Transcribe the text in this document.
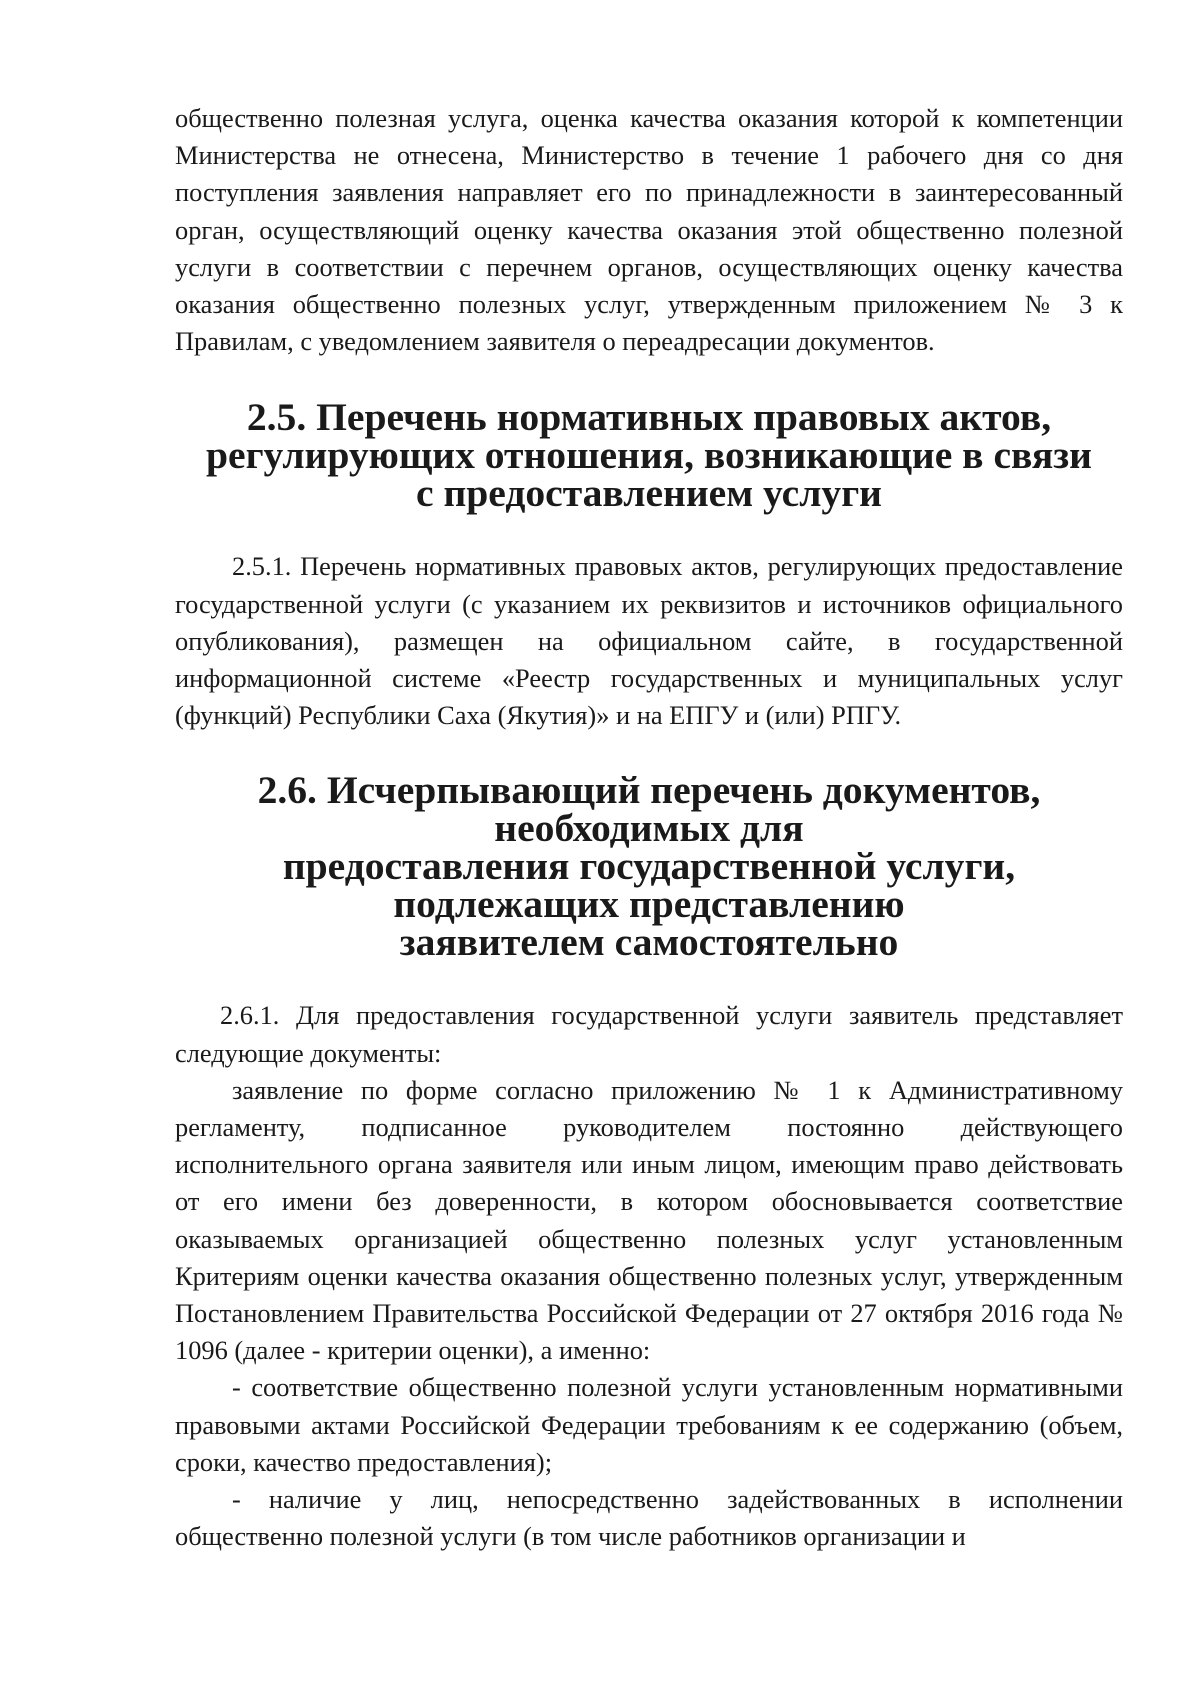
общественно полезная услуга, оценка качества оказания которой к компетенции Министерства не отнесена, Министерство в течение 1 рабочего дня со дня поступления заявления направляет его по принадлежности в заинтересованный орган, осуществляющий оценку качества оказания этой общественно полезной услуги в соответствии с перечнем органов, осуществляющих оценку качества оказания общественно полезных услуг, утвержденным приложением № 3 к Правилам, с уведомлением заявителя о переадресации документов.

2.5. Перечень нормативных правовых актов,
регулирующих отношения, возникающие в связи
с предоставлением услуги

2.5.1. Перечень нормативных правовых актов, регулирующих предоставление государственной услуги (с указанием их реквизитов и источников официального опубликования), размещен на официальном сайте, в государственной информационной системе «Реестр государственных и муниципальных услуг (функций) Республики Саха (Якутия)» и на ЕПГУ и (или) РПГУ.

2.6. Исчерпывающий перечень документов, необходимых для
предоставления государственной услуги, подлежащих представлению
заявителем самостоятельно

2.6.1. Для предоставления государственной услуги заявитель представляет следующие документы:

заявление по форме согласно приложению № 1 к Административному регламенту, подписанное руководителем постоянно действующего исполнительного органа заявителя или иным лицом, имеющим право действовать от его имени без доверенности, в котором обосновывается соответствие оказываемых организацией общественно полезных услуг установленным Критериям оценки качества оказания общественно полезных услуг, утвержденным Постановлением Правительства Российской Федерации от 27 октября 2016 года № 1096 (далее - критерии оценки), а именно:

- соответствие общественно полезной услуги установленным нормативными правовыми актами Российской Федерации требованиям к ее содержанию (объем, сроки, качество предоставления);

- наличие у лиц, непосредственно задействованных в исполнении общественно полезной услуги (в том числе работников организации и
